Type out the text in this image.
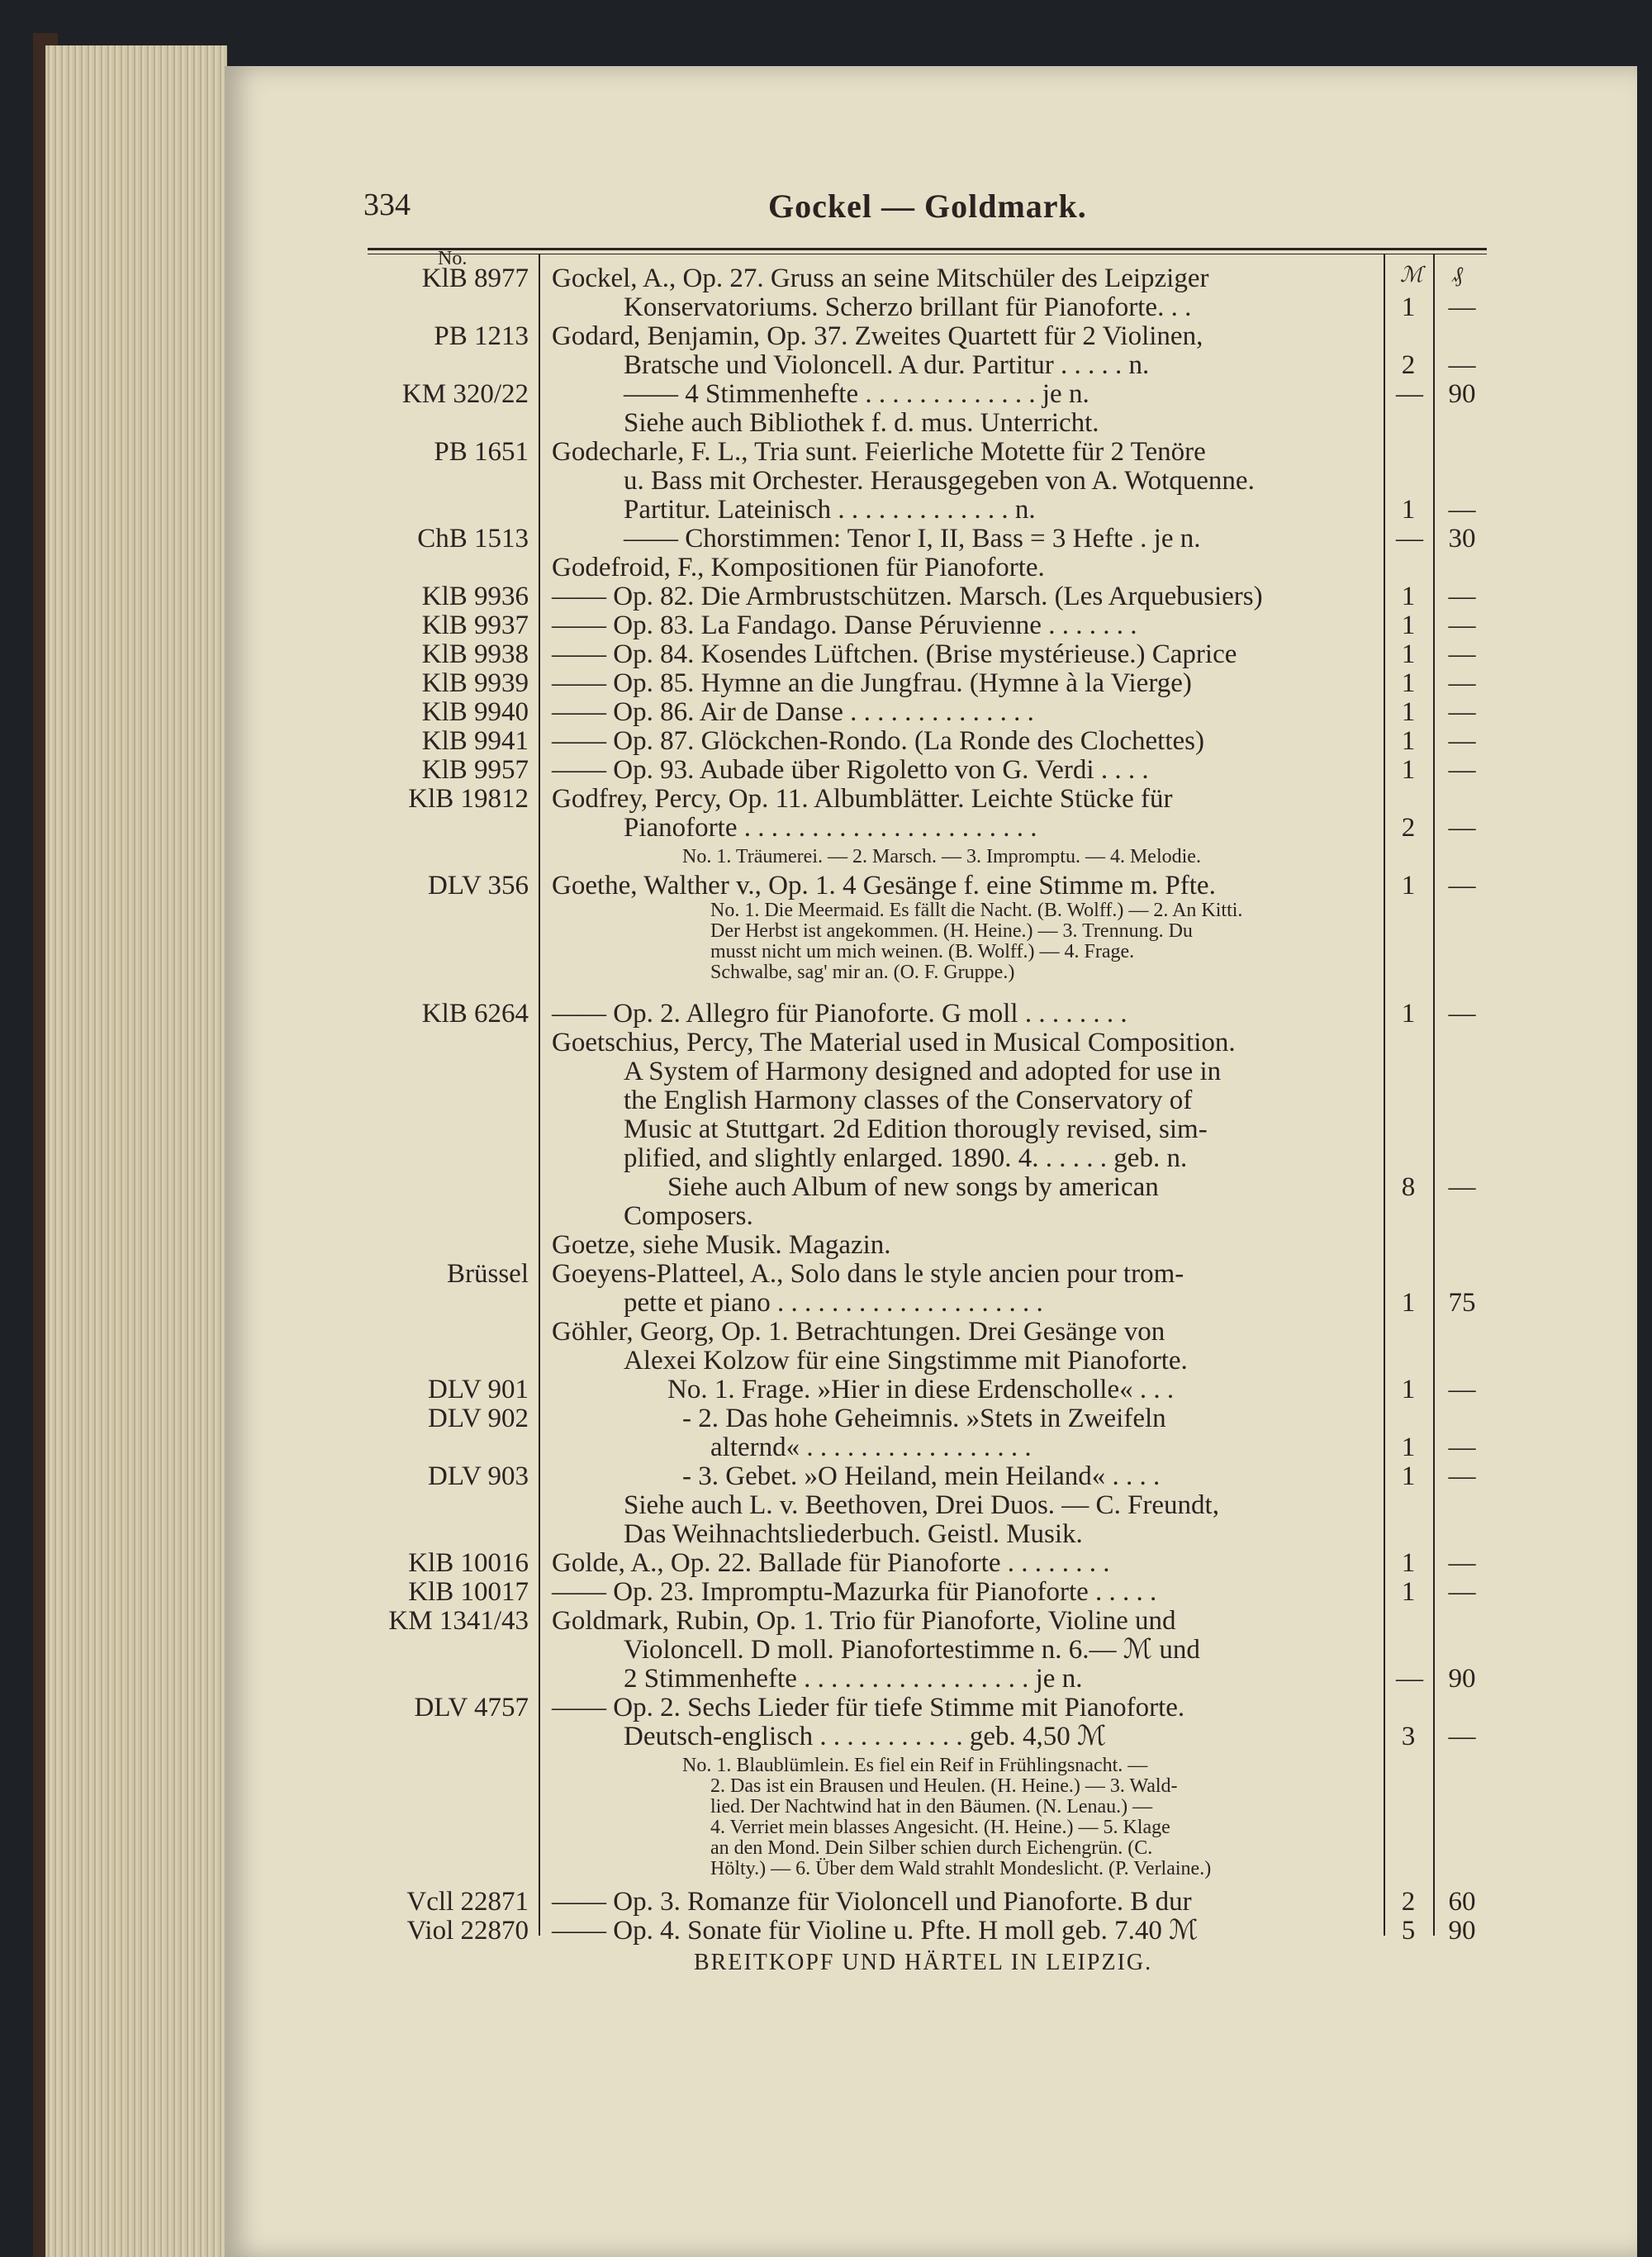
334	Gockel — Goldmark.
No.
ℳ ₰
KlB 8977 Gockel, A., Op. 27. Gruss an seine Mitschüler des Leipziger
Konservatoriums. Scherzo brillant für Pianoforte. . .	1 —
PB 1213 Godard, Benjamin, Op. 37. Zweites Quartett für 2 Violinen,
Bratsche und Violoncell. A dur. Partitur . . . . . n.	2 —
KM 320/22	—— 4 Stimmenhefte . . . . . . . . . . . . . je n.	— 90
Siehe auch Bibliothek f. d. mus. Unterricht.
PB 1651 Godecharle, F. L., Tria sunt. Feierliche Motette für 2 Tenöre
u. Bass mit Orchester. Herausgegeben von A. Wotquenne.
Partitur. Lateinisch . . . . . . . . . . . . . n.	1 —
ChB 1513	—— Chorstimmen: Tenor I, II, Bass = 3 Hefte . je n.	— 30
Godefroid, F., Kompositionen für Pianoforte.
KlB 9936 —— Op. 82. Die Armbrustschützen. Marsch. (Les Arquebusiers)	1 —
KlB 9937 —— Op. 83. La Fandago. Danse Péruvienne . . . . . . .	1 —
KlB 9938 —— Op. 84. Kosendes Lüftchen. (Brise mystérieuse.) Caprice	1 —
KlB 9939 —— Op. 85. Hymne an die Jungfrau. (Hymne à la Vierge)	1 —
KlB 9940 —— Op. 86. Air de Danse . . . . . . . . . . . . . .	1 —
KlB 9941 —— Op. 87. Glöckchen-Rondo. (La Ronde des Clochettes)	1 —
KlB 9957 —— Op. 93. Aubade über Rigoletto von G. Verdi . . . .	1 —
KlB 19812 Godfrey, Percy, Op. 11. Albumblätter. Leichte Stücke für
Pianoforte . . . . . . . . . . . . . . . . . . . . . .	2 —
No. 1. Träumerei. — 2. Marsch. — 3. Impromptu. — 4. Melodie.
DLV 356 Goethe, Walther v., Op. 1. 4 Gesänge f. eine Stimme m. Pfte.	1 —
No. 1. Die Meermaid. Es fällt die Nacht. (B. Wolff.) — 2. An Kitti.
Der Herbst ist angekommen. (H. Heine.) — 3. Trennung. Du
musst nicht um mich weinen. (B. Wolff.) — 4. Frage.
Schwalbe, sag' mir an. (O. F. Gruppe.)
KlB 6264 —— Op. 2. Allegro für Pianoforte. G moll . . . . . . . .	1 —
Goetschius, Percy, The Material used in Musical Composition.
A System of Harmony designed and adopted for use in
the English Harmony classes of the Conservatory of
Music at Stuttgart. 2d Edition thorougly revised, sim-
plified, and slightly enlarged. 1890. 4. . . . . . geb. n.
Siehe auch Album of new songs by american	8 —
Composers.
Goetze, siehe Musik. Magazin.
Brüssel Goeyens-Platteel, A., Solo dans le style ancien pour trom-
pette et piano . . . . . . . . . . . . . . . . . . . .	1 75
Göhler, Georg, Op. 1. Betrachtungen. Drei Gesänge von
Alexei Kolzow für eine Singstimme mit Pianoforte.
DLV 901	No. 1. Frage. »Hier in diese Erdenscholle« . . .	1 —
DLV 902	- 2. Das hohe Geheimnis. »Stets in Zweifeln
alternd« . . . . . . . . . . . . . . . . .	1 —
DLV 903	- 3. Gebet. »O Heiland, mein Heiland« . . . .	1 —
Siehe auch L. v. Beethoven, Drei Duos. — C. Freundt,
Das Weihnachtsliederbuch. Geistl. Musik.
KlB 10016 Golde, A., Op. 22. Ballade für Pianoforte . . . . . . . .	1 —
KlB 10017 —— Op. 23. Impromptu-Mazurka für Pianoforte . . . . .	1 —
KM 1341/43 Goldmark, Rubin, Op. 1. Trio für Pianoforte, Violine und
Violoncell. D moll. Pianofortestimme n. 6.— ℳ und
2 Stimmenhefte . . . . . . . . . . . . . . . . . je n.	— 90
DLV 4757 —— Op. 2. Sechs Lieder für tiefe Stimme mit Pianoforte.
Deutsch-englisch . . . . . . . . . . . geb. 4,50 ℳ	3 —
No. 1. Blaublümlein. Es fiel ein Reif in Frühlingsnacht. —
2. Das ist ein Brausen und Heulen. (H. Heine.) — 3. Wald-
lied. Der Nachtwind hat in den Bäumen. (N. Lenau.) —
4. Verriet mein blasses Angesicht. (H. Heine.) — 5. Klage
an den Mond. Dein Silber schien durch Eichengrün. (C.
Hölty.) — 6. Über dem Wald strahlt Mondeslicht. (P. Verlaine.)
Vcll 22871 —— Op. 3. Romanze für Violoncell und Pianoforte. B dur	2 60
Viol 22870 —— Op. 4. Sonate für Violine u. Pfte. H moll geb. 7.40 ℳ	5 90
BREITKOPF UND HÄRTEL IN LEIPZIG.
